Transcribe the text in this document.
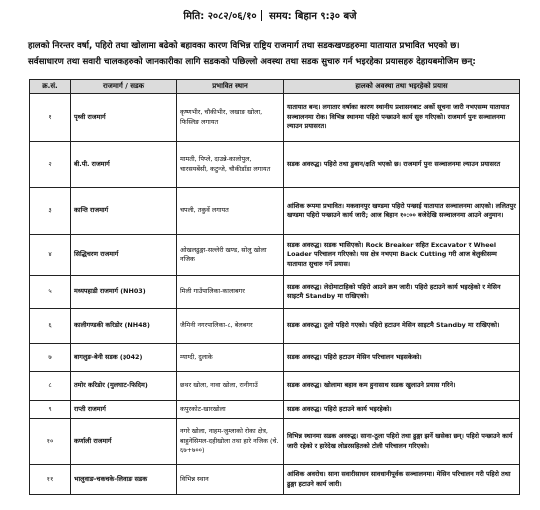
मिति: २०८२/०६/१० समय: बिहान ९:३० बजे
हालको निरन्तर वर्षा, पहिरो तथा खोलामा बढेको बहावका कारण विभिन्न राष्ट्रिय राजमार्ग तथा सडकखण्डहरुमा यातायात प्रभावित भएको छ।
सर्वसाधारण तथा सवारी चालकहरुको जानकारीका लागि सडकको पछिल्लो अवस्था तथा सडक सुचारु गर्न भइरहेका प्रयासहरु देहायबमोजिम छन्:
क्र.सं.	राजमार्ग / सडक	प्रभावित स्थान	हालको अवस्था तथा भइरहेको प्रयास
१	पृथ्वी राजमार्ग	कृष्णभीर, चौकीभीर, जखाङ खोला, फिस्लिङ लगायत	यातायात बन्द। लगातार वर्षाका कारण स्थानीय प्रशासनबाट अर्को सूचना जारी नभएसम्म यातायात सञ्चालनमा रोक। विभिन्न स्थानमा पहिरो पन्छाउने कार्य सुरु गरिएको। राजमार्ग पुनः सञ्चालनमा ल्याउन प्रयासरत।
२	बी.पी. राजमार्ग	मामती, पिप्ले, दाउन्ने-कालोपुल, चारसयबेंसी, कटुन्जे, चौकीडाँडा लगायत	सडक अवरुद्ध। पहिरो तथा डुबान/क्षति भएको छ। राजमार्ग पुनः सञ्चालनमा ल्याउन प्रयासरत
३	कान्ति राजमार्ग	चपली, तकुर्वे लगायत	आंशिक रूपमा प्रभावित। मकवानपुर खण्डमा पहिरो पन्छाई यातायात सञ्चालनमा आएको। ललितपुर खण्डमा पहिरो पन्छाउने कार्य जारी; आज बिहान १०:०० बजेदेखि सञ्चालनमा आउने अनुमान।
४	सिद्धिचरण राजमार्ग	ओखलढुङ्गा-सल्लेरी खण्ड, सोलु खोला नजिक	सडक अवरुद्ध। सडक भासिएको। Rock Breaker सहित Excavator र Wheel Loader परिचालन गरिएको। यस क्षेत्र नभएमा Back Cutting गरी आज बेलुकीसम्म यातायात सुचारु गर्ने प्रयास।
५	मध्यपहाडी राजमार्ग (NH03)	मिली गाउँपालिका-कालाबगर	सडक अवरुद्ध। लेदोमाटाहिको पहिरो आउने क्रम जारी। पहिरो हटाउने कार्य भइरहेको र मेसिन साइटमै Standby मा राखिएको।
६	कालीगण्डकी करिडोर (NH48)	जैमिनी नगरपालिका-८, बेलबगर	सडक अवरुद्ध। ठूलो पहिरो गएको। पहिरो हटाउन मेसिन साइटमै Standby मा राखिएको।
७	बागलुङ-बेनी सडक (३042)	म्याग्दी, दुलाके	सडक अवरुद्ध। पहिरो हटाउन मेसिन परिचालन भइसकेको।
८	तमोर करिडोर (मुलघाट-फिदिम)	छथर खोला, नावा खोला, रानीगाउँ	सडक अवरुद्ध। खोलामा बहाव कम हुनासाथ सडक खुलाउने प्रयास गरिने।
९	राप्ती राजमार्ग	कपुरकोट-खारखोला	सडक अवरुद्ध। पहिरो हटाउने कार्य भइरहेको।
१०	कर्णाली राजमार्ग	नगरे खोला, नाहम-जुम्लाको रोका क्षेत्र, बाहुनेसिमल-दहीखोला तथा हारे नजिक (चे. ६७+७००)	विभिन्न स्थानमा सडक अवरुद्ध। साना-ठूला पहिरो तथा ढुङ्गा झर्ने खसेका छन्। पहिरो पन्छाउने कार्य जारी रहेको र हारेदेख लोडरसहितको टोली परिचालन गरिएको।
११	भालुवाङ-चकचके-लिवाङ सडक	विभिन्न स्थान	आंशिक अवरोध। साना सवारीसाधन सावधानीपूर्वक सञ्चालनमा। मेसिन परिचालन गरी पहिरो तथा ढुङ्गा हटाउने कार्य जारी।
